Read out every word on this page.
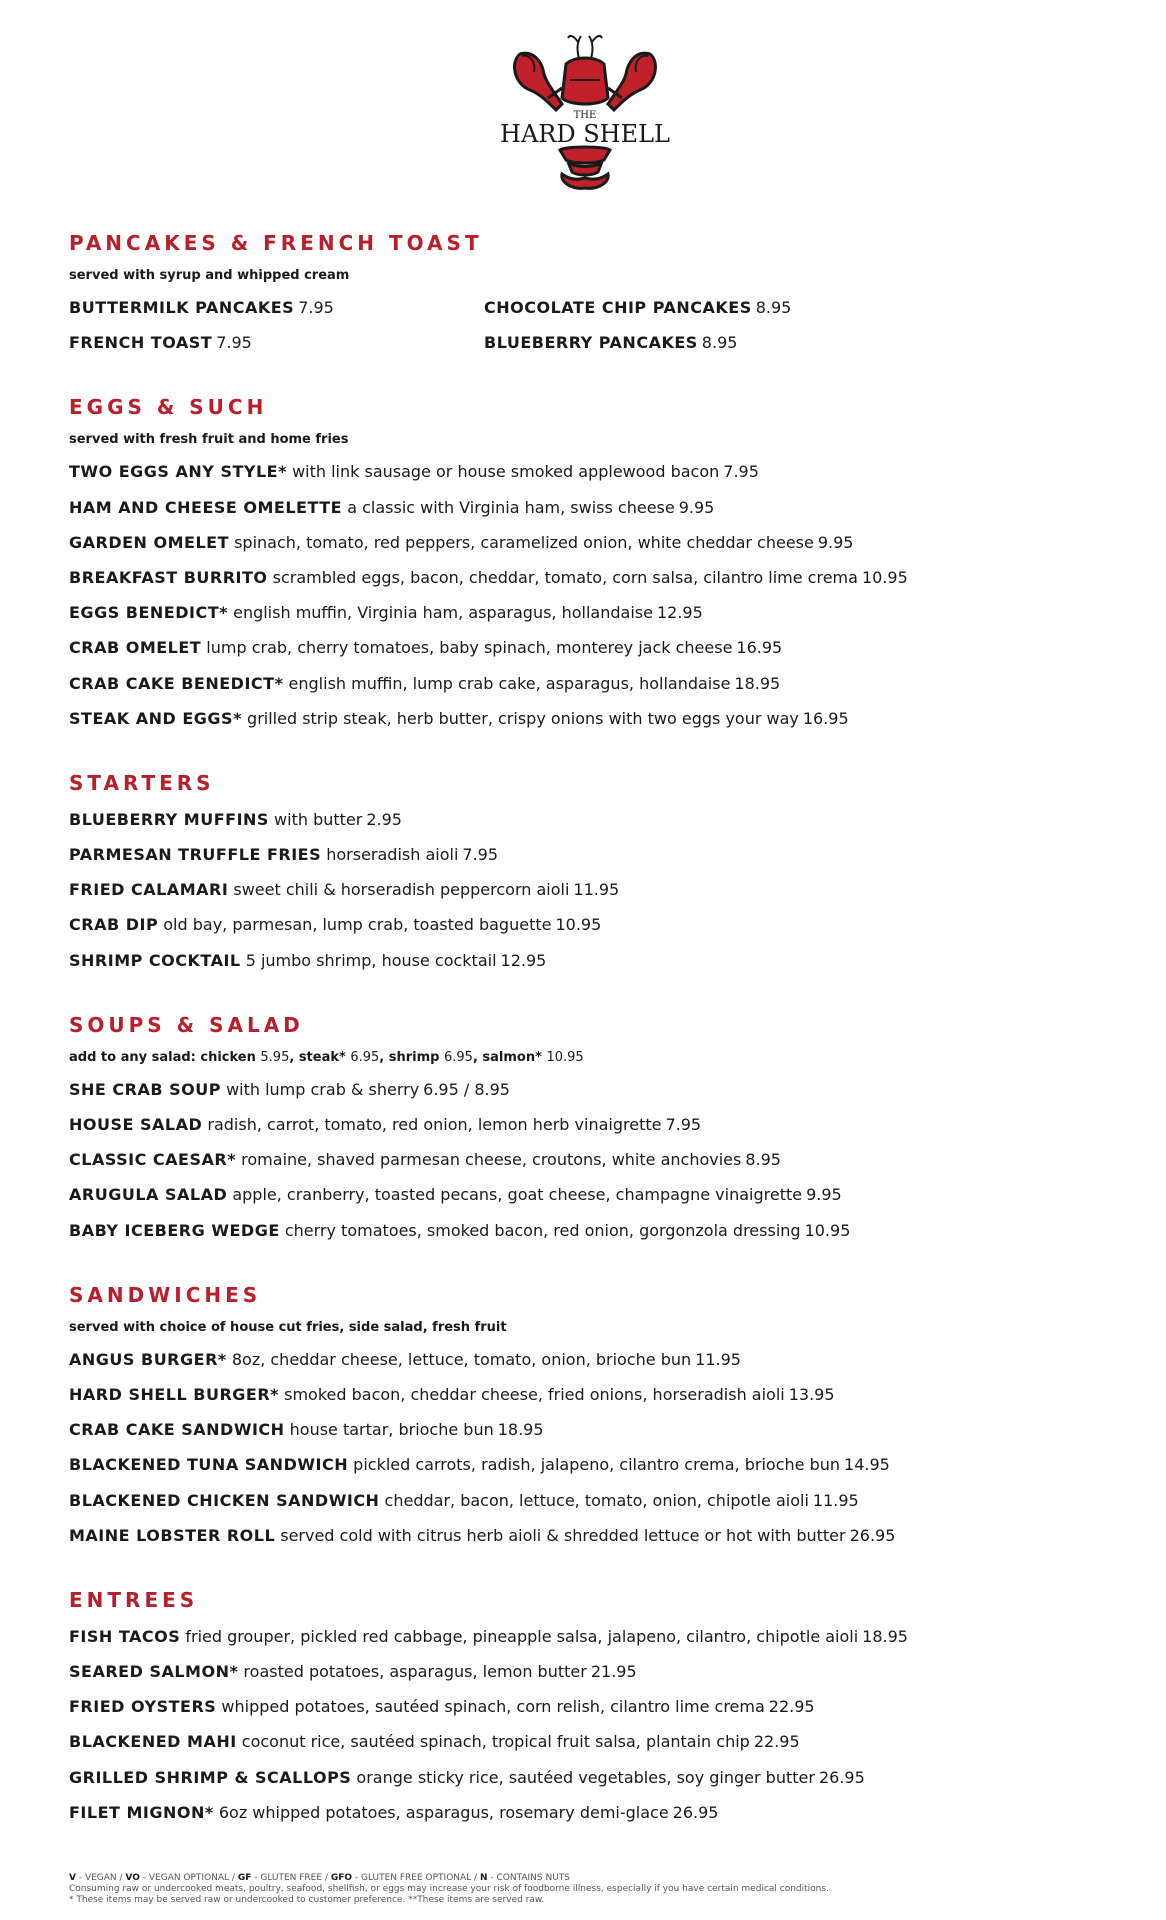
THE
HARD SHELL
PANCAKES & FRENCH TOAST
served with syrup and whipped cream
BUTTERMILK PANCAKES 7.95	CHOCOLATE CHIP PANCAKES 8.95
FRENCH TOAST 7.95	BLUEBERRY PANCAKES 8.95
EGGS & SUCH
served with fresh fruit and home fries
TWO EGGS ANY STYLE* with link sausage or house smoked applewood bacon 7.95
HAM AND CHEESE OMELETTE a classic with Virginia ham, swiss cheese 9.95
GARDEN OMELET spinach, tomato, red peppers, caramelized onion, white cheddar cheese 9.95
BREAKFAST BURRITO scrambled eggs, bacon, cheddar, tomato, corn salsa, cilantro lime crema 10.95
EGGS BENEDICT* english muffin, Virginia ham, asparagus, hollandaise 12.95
CRAB OMELET lump crab, cherry tomatoes, baby spinach, monterey jack cheese 16.95
CRAB CAKE BENEDICT* english muffin, lump crab cake, asparagus, hollandaise 18.95
STEAK AND EGGS* grilled strip steak, herb butter, crispy onions with two eggs your way 16.95
STARTERS
BLUEBERRY MUFFINS with butter 2.95
PARMESAN TRUFFLE FRIES horseradish aioli 7.95
FRIED CALAMARI sweet chili & horseradish peppercorn aioli 11.95
CRAB DIP old bay, parmesan, lump crab, toasted baguette 10.95
SHRIMP COCKTAIL 5 jumbo shrimp, house cocktail 12.95
SOUPS & SALAD
add to any salad: chicken 5.95, steak* 6.95, shrimp 6.95, salmon* 10.95
SHE CRAB SOUP with lump crab & sherry 6.95 / 8.95
HOUSE SALAD radish, carrot, tomato, red onion, lemon herb vinaigrette 7.95
CLASSIC CAESAR* romaine, shaved parmesan cheese, croutons, white anchovies 8.95
ARUGULA SALAD apple, cranberry, toasted pecans, goat cheese, champagne vinaigrette 9.95
BABY ICEBERG WEDGE cherry tomatoes, smoked bacon, red onion, gorgonzola dressing 10.95
SANDWICHES
served with choice of house cut fries, side salad, fresh fruit
ANGUS BURGER* 8oz, cheddar cheese, lettuce, tomato, onion, brioche bun 11.95
HARD SHELL BURGER* smoked bacon, cheddar cheese, fried onions, horseradish aioli 13.95
CRAB CAKE SANDWICH house tartar, brioche bun 18.95
BLACKENED TUNA SANDWICH pickled carrots, radish, jalapeno, cilantro crema, brioche bun 14.95
BLACKENED CHICKEN SANDWICH cheddar, bacon, lettuce, tomato, onion, chipotle aioli 11.95
MAINE LOBSTER ROLL served cold with citrus herb aioli & shredded lettuce or hot with butter 26.95
ENTREES
FISH TACOS fried grouper, pickled red cabbage, pineapple salsa, jalapeno, cilantro, chipotle aioli 18.95
SEARED SALMON* roasted potatoes, asparagus, lemon butter 21.95
FRIED OYSTERS whipped potatoes, sautéed spinach, corn relish, cilantro lime crema 22.95
BLACKENED MAHI coconut rice, sautéed spinach, tropical fruit salsa, plantain chip 22.95
GRILLED SHRIMP & SCALLOPS orange sticky rice, sautéed vegetables, soy ginger butter 26.95
FILET MIGNON* 6oz whipped potatoes, asparagus, rosemary demi-glace 26.95
V - VEGAN / VO - VEGAN OPTIONAL / GF - GLUTEN FREE / GFO - GLUTEN FREE OPTIONAL / N - CONTAINS NUTS
Consuming raw or undercooked meats, poultry, seafood, shellfish, or eggs may increase your risk of foodborne illness, especially if you have certain medical conditions.
* These items may be served raw or undercooked to customer preference. **These items are served raw.
